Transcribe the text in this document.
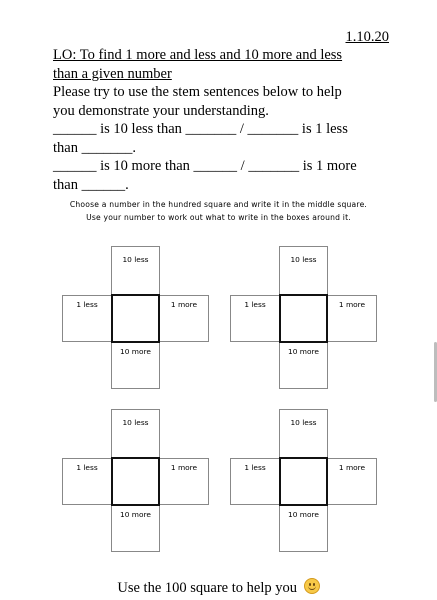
1.10.20
LO: To find 1 more and less and 10 more and less
than a given number
Please try to use the stem sentences below to help
you demonstrate your understanding.
______ is 10 less than _______ / _______ is 1 less
than _______.
______ is 10 more than ______ / _______ is 1 more
than ______.
Choose a number in the hundred square and write it in the middle square.
Use your number to work out what to write in the boxes around it.
10 less
1 less	1 more
10 more
10 less
1 less	1 more
10 more
10 less
1 less	1 more
10 more
10 less
1 less	1 more
10 more
Use the 100 square to help you
